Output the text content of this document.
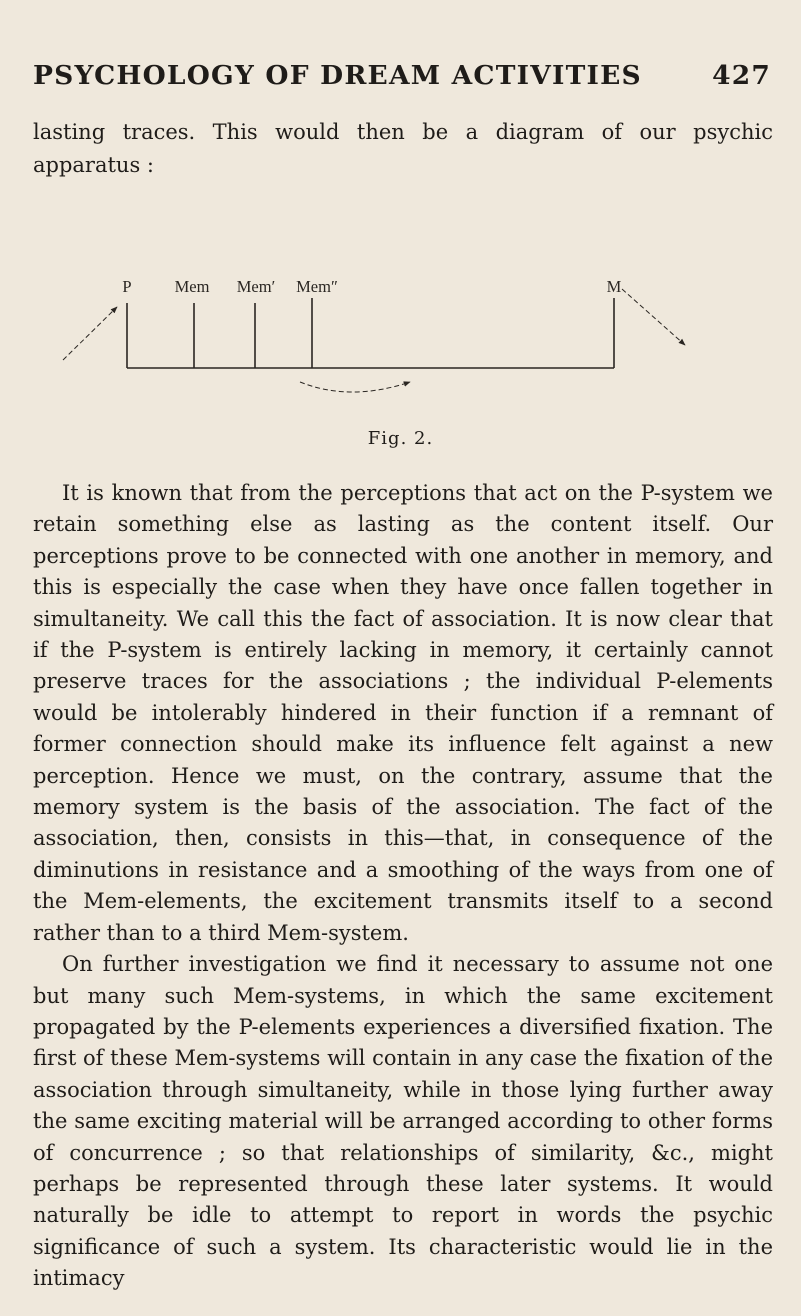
PSYCHOLOGY OF DREAM ACTIVITIES	427

lasting traces. This would then be a diagram of our psychic apparatus :

P	Mem Mem′ Mem″	M
Fig. 2.

It is known that from the perceptions that act on the P-system we retain something else as lasting as the content itself. Our perceptions prove to be connected with one another in memory, and this is especially the case when they have once fallen together in simultaneity. We call this the fact of association. It is now clear that if the P-system is entirely lacking in memory, it certainly cannot preserve traces for the associations ; the individual P-elements would be intolerably hindered in their function if a remnant of former connection should make its influence felt against a new perception. Hence we must, on the contrary, assume that the memory system is the basis of the association. The fact of the association, then, consists in this—that, in consequence of the diminutions in resistance and a smoothing of the ways from one of the Mem-elements, the excitement transmits itself to a second rather than to a third Mem-system.

On further investigation we find it necessary to assume not one but many such Mem-systems, in which the same excitement propagated by the P-elements experiences a diversified fixation. The first of these Mem-systems will contain in any case the fixation of the association through simultaneity, while in those lying further away the same exciting material will be arranged according to other forms of concurrence ; so that relationships of similarity, &c., might perhaps be represented through these later systems. It would naturally be idle to attempt to report in words the psychic significance of such a system. Its characteristic would lie in the intimacy
